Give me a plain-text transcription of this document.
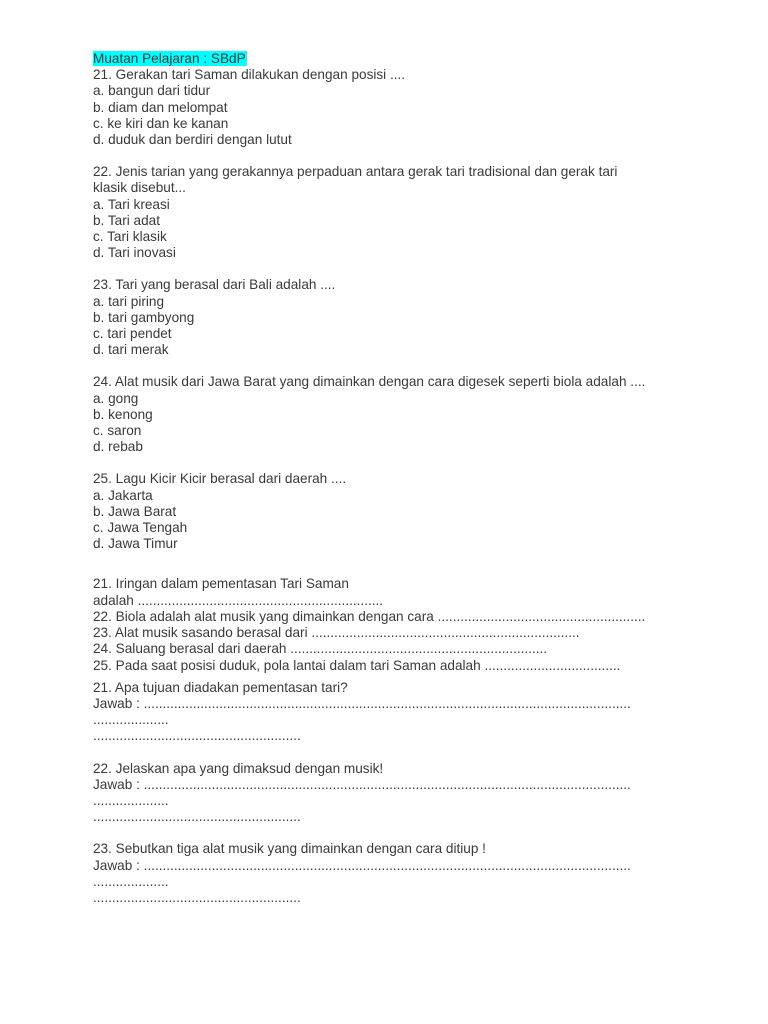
Muatan Pelajaran : SBdP
21. Gerakan tari Saman dilakukan dengan posisi ....
a. bangun dari tidur
b. diam dan melompat
c. ke kiri dan ke kanan
d. duduk dan berdiri dengan lutut
22. Jenis tarian yang gerakannya perpaduan antara gerak tari tradisional dan gerak tari
klasik disebut...
a. Tari kreasi
b. Tari adat
c. Tari klasik
d. Tari inovasi
23. Tari yang berasal dari Bali adalah ....
a. tari piring
b. tari gambyong
c. tari pendet
d. tari merak
24. Alat musik dari Jawa Barat yang dimainkan dengan cara digesek seperti biola adalah ....
a. gong
b. kenong
c. saron
d. rebab
25. Lagu Kicir Kicir berasal dari daerah ....
a. Jakarta
b. Jawa Barat
c. Jawa Tengah
d. Jawa Timur
21. Iringan dalam pementasan Tari Saman
adalah .................................................................
22. Biola adalah alat musik yang dimainkan dengan cara .......................................................
23. Alat musik sasando berasal dari .......................................................................
24. Saluang berasal dari daerah ....................................................................
25. Pada saat posisi duduk, pola lantai dalam tari Saman adalah ....................................
21. Apa tujuan diadakan pementasan tari?
Jawab : .................................................................................................................................
....................
.......................................................
22. Jelaskan apa yang dimaksud dengan musik!
Jawab : .................................................................................................................................
....................
.......................................................
23. Sebutkan tiga alat musik yang dimainkan dengan cara ditiup !
Jawab : .................................................................................................................................
....................
.......................................................
